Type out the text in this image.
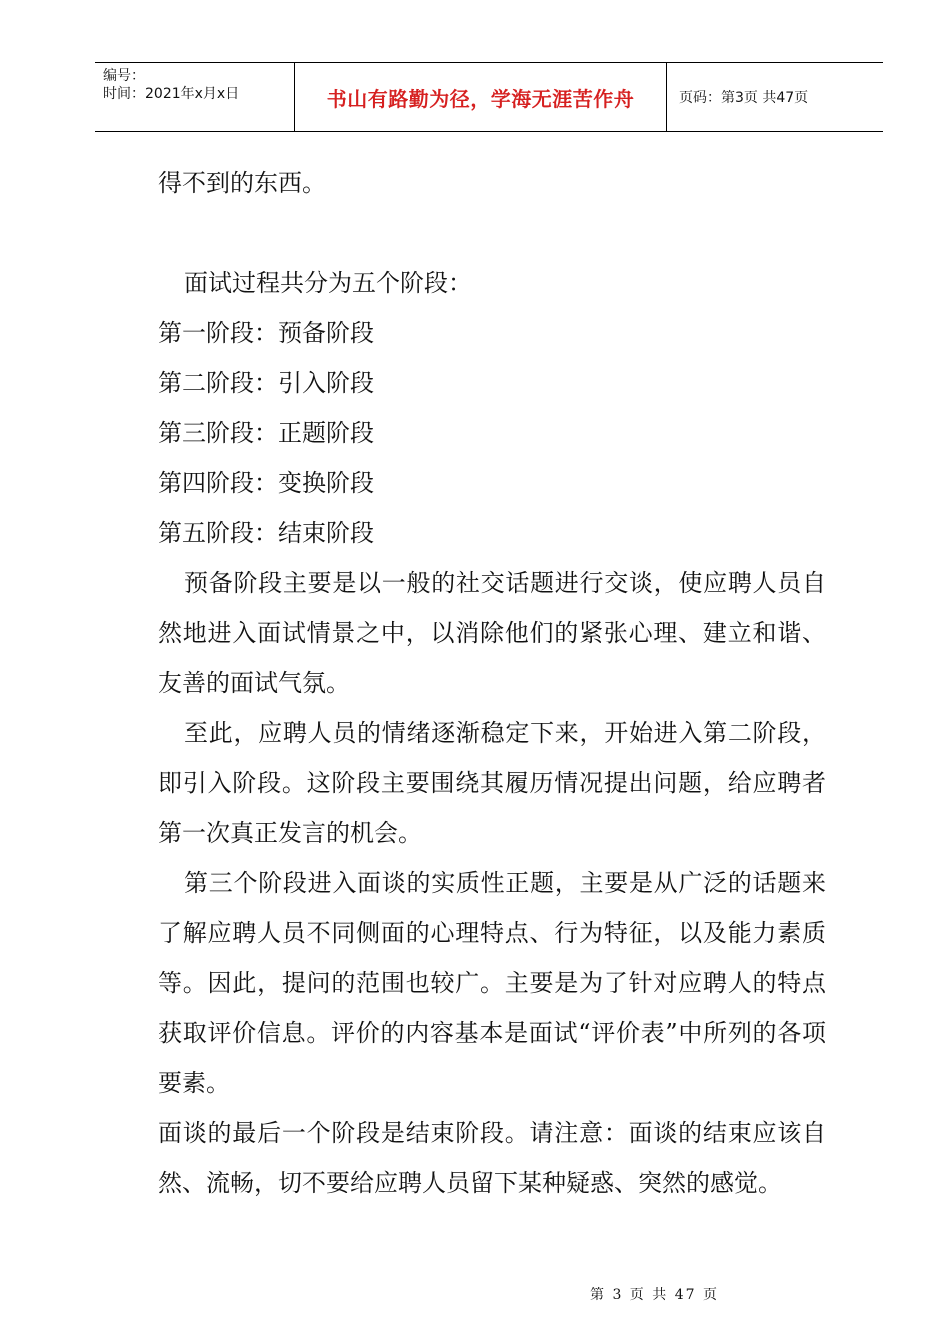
编号：
时间：2021年x月x日	书山有路勤为径，学海无涯苦作舟	页码：第3页 共47页

得不到的东西。

面试过程共分为五个阶段：

第一阶段：预备阶段

第二阶段：引入阶段

第三阶段：正题阶段

第四阶段：变换阶段

第五阶段：结束阶段

预备阶段主要是以一般的社交话题进行交谈，使应聘人员自然地进入面试情景之中，以消除他们的紧张心理、建立和谐、友善的面试气氛。

至此，应聘人员的情绪逐渐稳定下来，开始进入第二阶段，即引入阶段。这阶段主要围绕其履历情况提出问题，给应聘者第一次真正发言的机会。

第三个阶段进入面谈的实质性正题，主要是从广泛的话题来了解应聘人员不同侧面的心理特点、行为特征，以及能力素质等。因此，提问的范围也较广。主要是为了针对应聘人的特点获取评价信息。评价的内容基本是面试“评价表”中所列的各项要素。

面谈的最后一个阶段是结束阶段。请注意：面谈的结束应该自然、流畅，切不要给应聘人员留下某种疑惑、突然的感觉。

第 3 页 共 47 页
